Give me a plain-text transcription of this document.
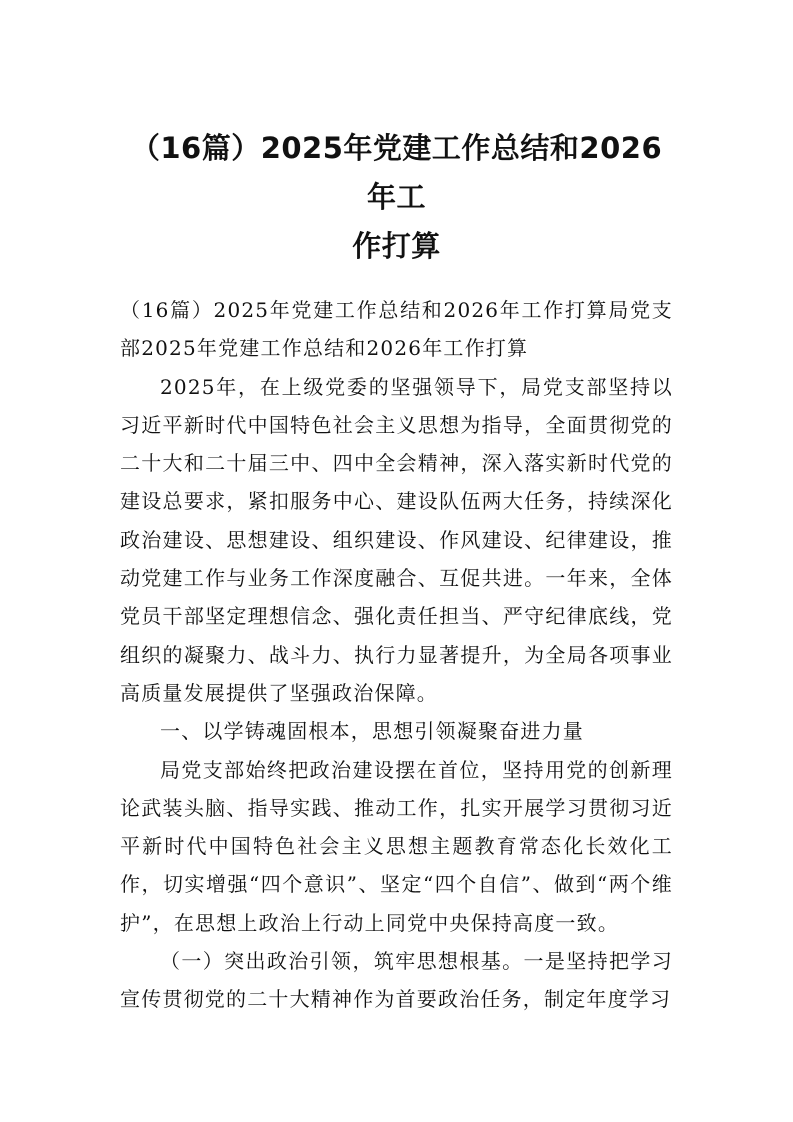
（16篇）2025年党建工作总结和2026年工
作打算

（16篇）2025年党建工作总结和2026年工作打算局党支部2025年党建工作总结和2026年工作打算

2025年，在上级党委的坚强领导下，局党支部坚持以习近平新时代中国特色社会主义思想为指导，全面贯彻党的二十大和二十届三中、四中全会精神，深入落实新时代党的建设总要求，紧扣服务中心、建设队伍两大任务，持续深化政治建设、思想建设、组织建设、作风建设、纪律建设，推动党建工作与业务工作深度融合、互促共进。一年来，全体党员干部坚定理想信念、强化责任担当、严守纪律底线，党组织的凝聚力、战斗力、执行力显著提升，为全局各项事业高质量发展提供了坚强政治保障。

一、以学铸魂固根本，思想引领凝聚奋进力量

局党支部始终把政治建设摆在首位，坚持用党的创新理论武装头脑、指导实践、推动工作，扎实开展学习贯彻习近平新时代中国特色社会主义思想主题教育常态化长效化工作，切实增强“四个意识”、坚定“四个自信”、做到“两个维护”，在思想上政治上行动上同党中央保持高度一致。

（一）突出政治引领，筑牢思想根基。一是坚持把学习宣传贯彻党的二十大精神作为首要政治任务，制定年度学习
